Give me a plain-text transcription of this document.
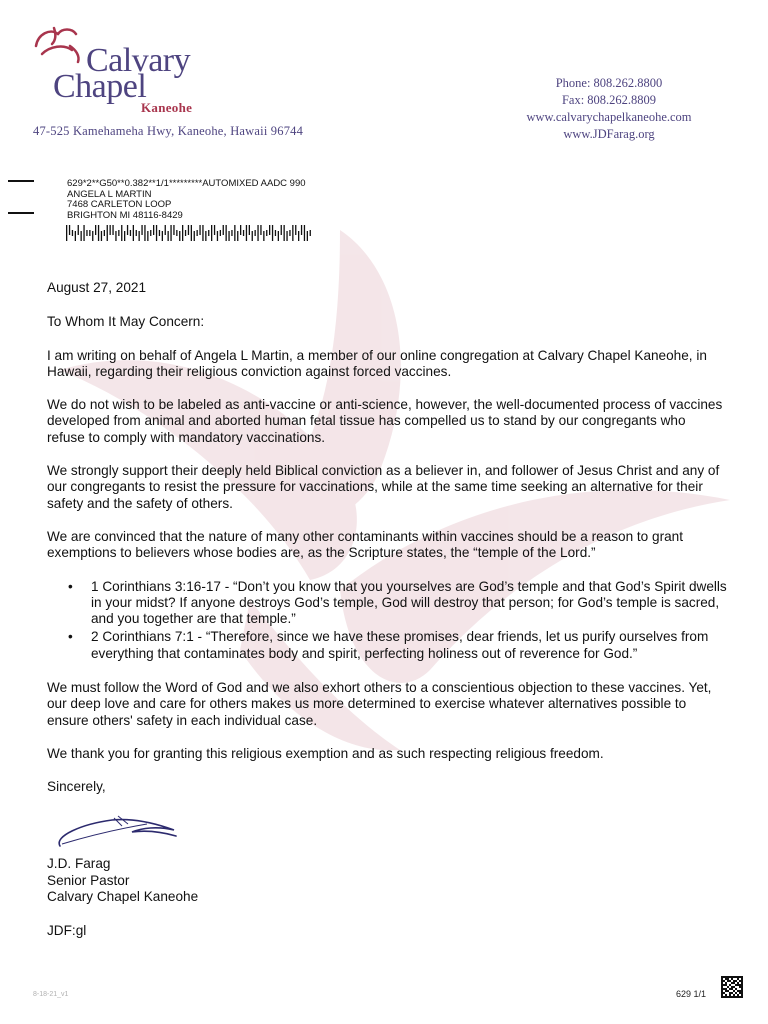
Calvary
Chapel
Kaneohe
47-525 Kamehameha Hwy, Kaneohe, Hawaii 96744
Phone: 808.262.8800
Fax: 808.262.8809
www.calvarychapelkaneohe.com
www.JDFarag.org
629*2**G50**0.382**1/1*********AUTOMIXED AADC 990
ANGELA L MARTIN
7468 CARLETON LOOP
BRIGHTON MI 48116-8429

August 27, 2021

To Whom It May Concern:

I am writing on behalf of Angela L Martin, a member of our online congregation at Calvary Chapel Kaneohe, in Hawaii, regarding their religious conviction against forced vaccines.

We do not wish to be labeled as anti-vaccine or anti-science, however, the well-documented process of vaccines developed from animal and aborted human fetal tissue has compelled us to stand by our congregants who refuse to comply with mandatory vaccinations.

We strongly support their deeply held Biblical conviction as a believer in, and follower of Jesus Christ and any of our congregants to resist the pressure for vaccinations, while at the same time seeking an alternative for their safety and the safety of others.

We are convinced that the nature of many other contaminants within vaccines should be a reason to grant exemptions to believers whose bodies are, as the Scripture states, the “temple of the Lord.”

• 1 Corinthians 3:16-17 - “Don’t you know that you yourselves are God’s temple and that God’s Spirit dwells in your midst? If anyone destroys God’s temple, God will destroy that person; for God’s temple is sacred, and you together are that temple.”
• 2 Corinthians 7:1 - “Therefore, since we have these promises, dear friends, let us purify ourselves from everything that contaminates body and spirit, perfecting holiness out of reverence for God.”

We must follow the Word of God and we also exhort others to a conscientious objection to these vaccines. Yet, our deep love and care for others makes us more determined to exercise whatever alternatives possible to ensure others' safety in each individual case.

We thank you for granting this religious exemption and as such respecting religious freedom.

Sincerely,

J.D. Farag
Senior Pastor
Calvary Chapel Kaneohe
JDF:gl
8-18-21_v1	629 1/1
